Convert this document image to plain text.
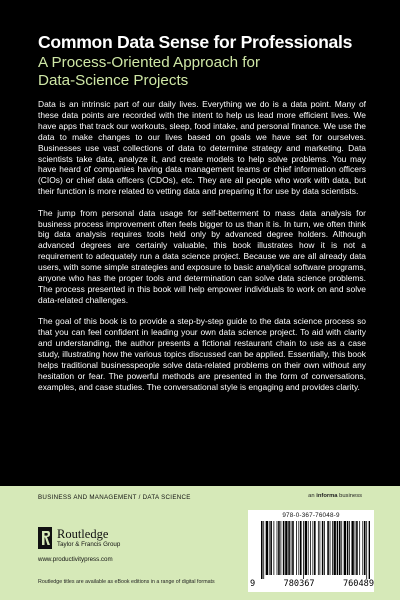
Common Data Sense for Professionals
A Process-Oriented Approach for
Data-Science Projects

Data is an intrinsic part of our daily lives. Everything we do is a data point. Many of these data points are recorded with the intent to help us lead more efficient lives. We have apps that track our workouts, sleep, food intake, and personal finance. We use the data to make changes to our lives based on goals we have set for ourselves. Businesses use vast collections of data to determine strategy and marketing. Data scientists take data, analyze it, and create models to help solve problems. You may have heard of companies having data management teams or chief information officers (CIOs) or chief data officers (CDOs), etc. They are all people who work with data, but their function is more related to vetting data and preparing it for use by data scientists.

The jump from personal data usage for self-betterment to mass data analysis for business process improvement often feels bigger to us than it is. In turn, we often think big data analysis requires tools held only by advanced degree holders. Although advanced degrees are certainly valuable, this book illustrates how it is not a requirement to adequately run a data science project. Because we are all already data users, with some simple strategies and exposure to basic analytical software programs, anyone who has the proper tools and determination can solve data science problems. The process presented in this book will help empower individuals to work on and solve data-related challenges.

The goal of this book is to provide a step-by-step guide to the data science process so that you can feel confident in leading your own data science project. To aid with clarity and understanding, the author presents a fictional restaurant chain to use as a case study, illustrating how the various topics discussed can be applied. Essentially, this book helps traditional businesspeople solve data-related problems on their own without any hesitation or fear. The powerful methods are presented in the form of conversations, examples, and case studies. The conversational style is engaging and provides clarity.

BUSINESS AND MANAGEMENT / DATA SCIENCE	an informa business
Routledge
Taylor & Francis Group
www.productivitypress.com
Routledge titles are available as eBook editions in a range of digital formats
978-0-367-76048-9
9	780367	760489
